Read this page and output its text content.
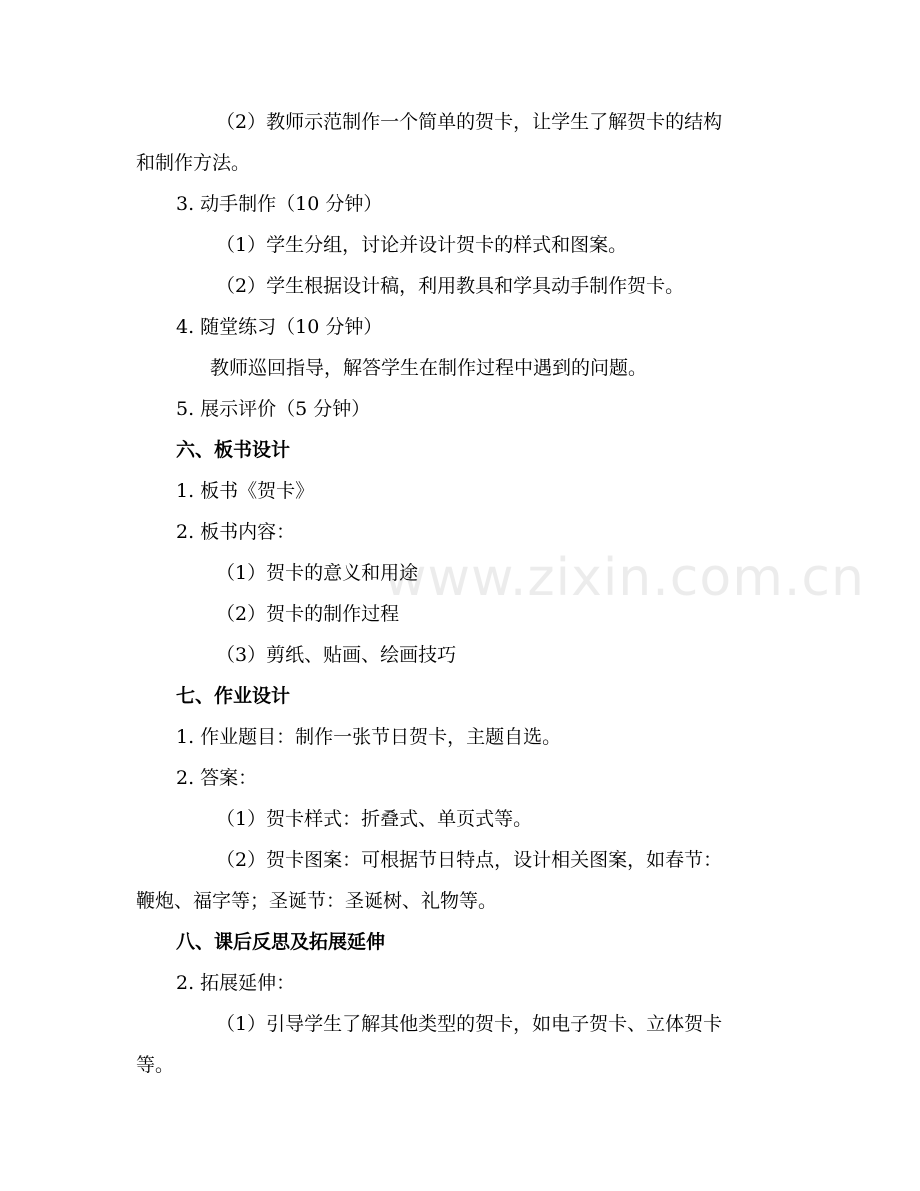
www.zixin.com.cn
（2）教师示范制作一个简单的贺卡，让学生了解贺卡的结构
和制作方法。
3. 动手制作（10 分钟）
（1）学生分组，讨论并设计贺卡的样式和图案。
（2）学生根据设计稿，利用教具和学具动手制作贺卡。
4. 随堂练习（10 分钟）
教师巡回指导，解答学生在制作过程中遇到的问题。
5. 展示评价（5 分钟）
六、板书设计
1. 板书《贺卡》
2. 板书内容：
（1）贺卡的意义和用途
（2）贺卡的制作过程
（3）剪纸、贴画、绘画技巧
七、作业设计
1. 作业题目：制作一张节日贺卡，主题自选。
2. 答案：
（1）贺卡样式：折叠式、单页式等。
（2）贺卡图案：可根据节日特点，设计相关图案，如春节：
鞭炮、福字等；圣诞节：圣诞树、礼物等。
八、课后反思及拓展延伸
2. 拓展延伸：
（1）引导学生了解其他类型的贺卡，如电子贺卡、立体贺卡
等。
